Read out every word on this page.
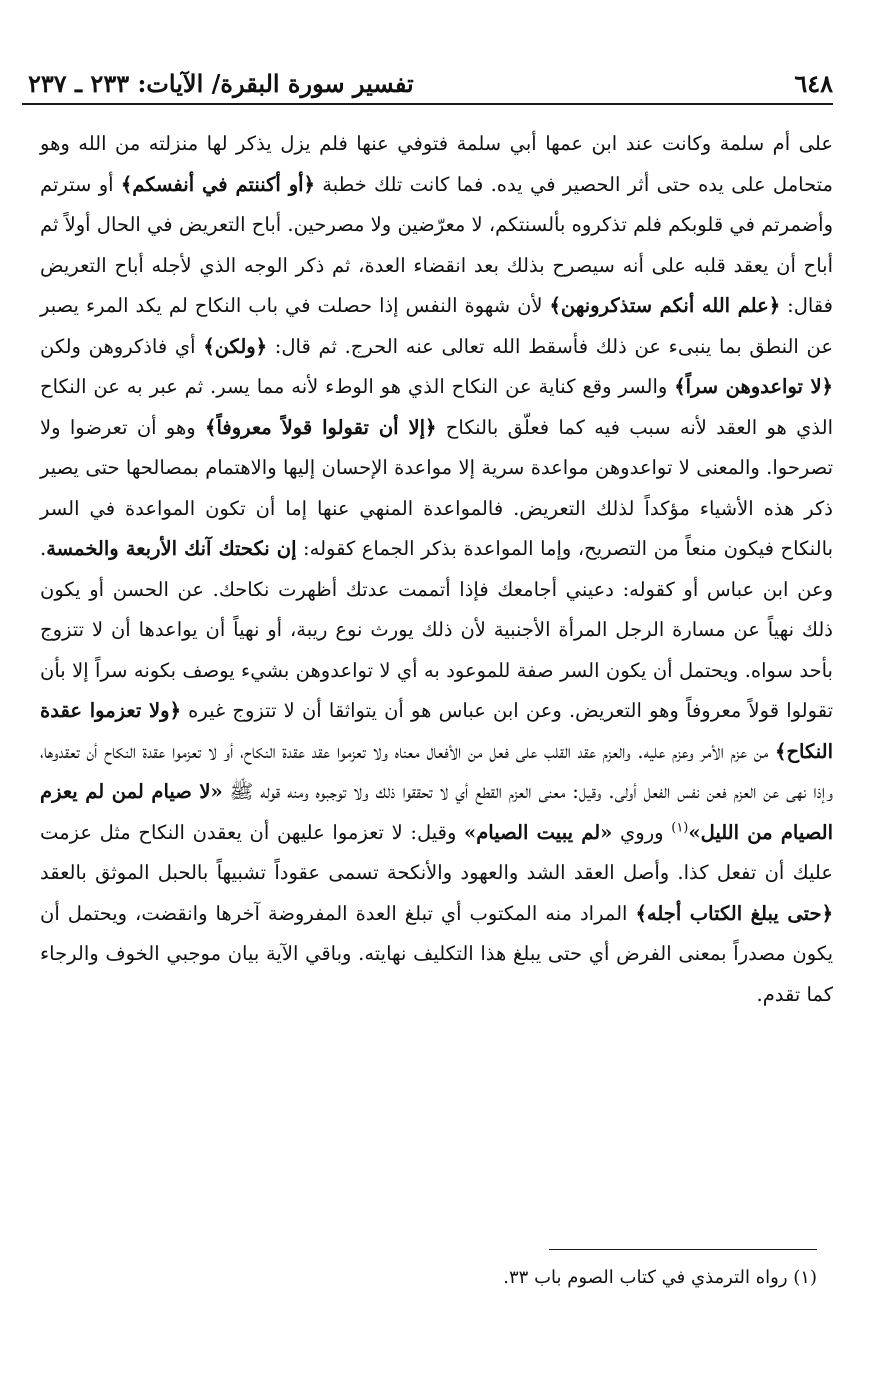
٦٤٨
تفسير سورة البقرة/ الآيات: ٢٣٣ ـ ٢٣٧

على أم سلمة وكانت عند ابن عمها أبي سلمة فتوفي عنها فلم يزل يذكر لها منزلته من الله وهو متحامل على يده حتى أثر الحصير في يده. فما كانت تلك خطبة ﴿أو أكننتم في أنفسكم﴾ أو سترتم وأضمرتم في قلوبكم فلم تذكروه بألسنتكم، لا معرّضين ولا مصرحين. أباح التعريض في الحال أولاً ثم أباح أن يعقد قلبه على أنه سيصرح بذلك بعد انقضاء العدة، ثم ذكر الوجه الذي لأجله أباح التعريض فقال: ﴿علم الله أنكم ستذكرونهن﴾ لأن شهوة النفس إذا حصلت في باب النكاح لم يكد المرء يصبر عن النطق بما ينبىء عن ذلك فأسقط الله تعالى عنه الحرج. ثم قال: ﴿ولكن﴾ أي فاذكروهن ولكن ﴿لا تواعدوهن سراً﴾ والسر وقع كناية عن النكاح الذي هو الوطء لأنه مما يسر. ثم عبر به عن النكاح الذي هو العقد لأنه سبب فيه كما فعلّق بالنكاح ﴿إلا أن تقولوا قولاً معروفاً﴾ وهو أن تعرضوا ولا تصرحوا. والمعنى لا تواعدوهن مواعدة سرية إلا مواعدة الإحسان إليها والاهتمام بمصالحها حتى يصير ذكر هذه الأشياء مؤكداً لذلك التعريض. فالمواعدة المنهي عنها إما أن تكون المواعدة في السر بالنكاح فيكون منعاً من التصريح، وإما المواعدة بذكر الجماع كقوله: إن نكحتك آنك الأربعة والخمسة. وعن ابن عباس أو كقوله: دعيني أجامعك فإذا أتممت عدتك أظهرت نكاحك. عن الحسن أو يكون ذلك نهياً عن مسارة الرجل المرأة الأجنبية لأن ذلك يورث نوع ريبة، أو نهياً أن يواعدها أن لا تتزوج بأحد سواه. ويحتمل أن يكون السر صفة للموعود به أي لا تواعدوهن بشيء يوصف بكونه سراً إلا بأن تقولوا قولاً معروفاً وهو التعريض. وعن ابن عباس هو أن يتواثقا أن لا تتزوج غيره ﴿ولا تعزموا عقدة النكاح﴾ من عزم الأمر وعزم عليه. والعزم عقد القلب على فعل من الأفعال معناه ولا تعزموا عقد عقدة النكاح، أو لا تعزموا عقدة النكاح أن تعقدوها، وإذا نهى عن العزم فعن نفس الفعل أولى. وقيل: معنى العزم القطع أي لا تحققوا ذلك ولا توجبوه ومنه قوله ﷺ «لا صيام لمن لم يعزم الصيام من الليل»$^{(١)}$ وروي «لم يبيت الصيام» وقيل: لا تعزموا عليهن أن يعقدن النكاح مثل عزمت عليك أن تفعل كذا. وأصل العقد الشد والعهود والأنكحة تسمى عقوداً تشبيهاً بالحبل الموثق بالعقد ﴿حتى يبلغ الكتاب أجله﴾ المراد منه المكتوب أي تبلغ العدة المفروضة آخرها وانقضت، ويحتمل أن يكون مصدراً بمعنى الفرض أي حتى يبلغ هذا التكليف نهايته. وباقي الآية بيان موجبي الخوف والرجاء كما تقدم.

(١) رواه الترمذي في كتاب الصوم باب ٣٣.
